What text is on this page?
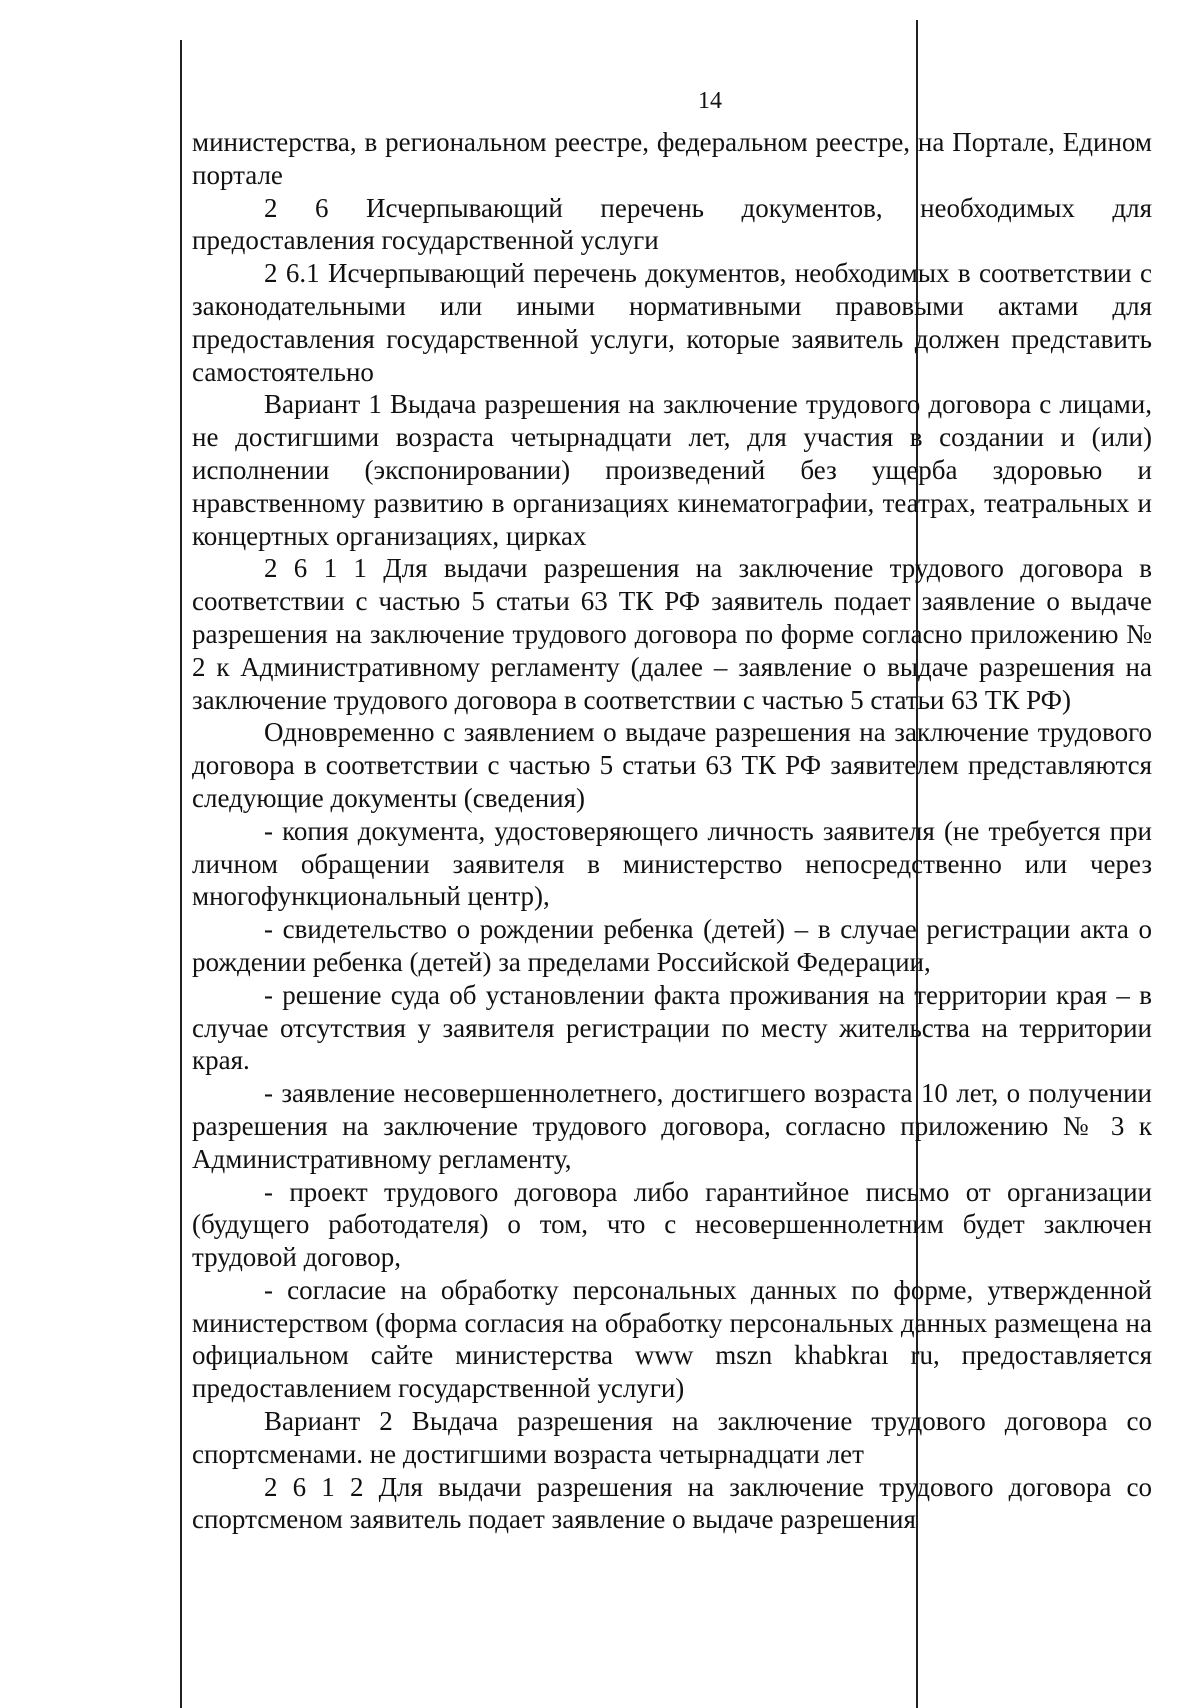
14

министерства, в региональном реестре, федеральном реестре, на Портале, Едином портале

2 6 Исчерпывающий перечень документов, необходимых для предоставления государственной услуги

2 6.1 Исчерпывающий перечень документов, необходимых в соответствии с законодательными или иными нормативными правовыми актами для предоставления государственной услуги, которые заявитель должен представить самостоятельно

Вариант 1 Выдача разрешения на заключение трудового договора с лицами, не достигшими возраста четырнадцати лет, для участия в создании и (или) исполнении (экспонировании) произведений без ущерба здоровью и нравственному развитию в организациях кинематографии, театрах, театральных и концертных организациях, цирках

2 6 1 1 Для выдачи разрешения на заключение трудового договора в соответствии с частью 5 статьи 63 ТК РФ заявитель подает заявление о выдаче разрешения на заключение трудового договора по форме согласно приложению № 2 к Административному регламенту (далее – заявление о выдаче разрешения на заключение трудового договора в соответствии с частью 5 статьи 63 ТК РФ)

Одновременно с заявлением о выдаче разрешения на заключение трудового договора в соответствии с частью 5 статьи 63 ТК РФ заявителем представляются следующие документы (сведения)

- копия документа, удостоверяющего личность заявителя (не требуется при личном обращении заявителя в министерство непосредственно или через многофункциональный центр),

- свидетельство о рождении ребенка (детей) – в случае регистрации акта о рождении ребенка (детей) за пределами Российской Федерации,

- решение суда об установлении факта проживания на территории края – в случае отсутствия у заявителя регистрации по месту жительства на территории края.

- заявление несовершеннолетнего, достигшего возраста 10 лет, о получении разрешения на заключение трудового договора, согласно приложению № 3 к Административному регламенту,

- проект трудового договора либо гарантийное письмо от организации (будущего работодателя) о том, что с несовершеннолетним будет заключен трудовой договор,

- согласие на обработку персональных данных по форме, утвержденной министерством (форма согласия на обработку персональных данных размещена на официальном сайте министерства www mszn khabkraı ru, предоставляется предоставлением государственной услуги)

Вариант 2 Выдача разрешения на заключение трудового договора со спортсменами. не достигшими возраста четырнадцати лет

2 6 1 2 Для выдачи разрешения на заключение трудового договора со спортсменом заявитель подает заявление о выдаче разрешения
